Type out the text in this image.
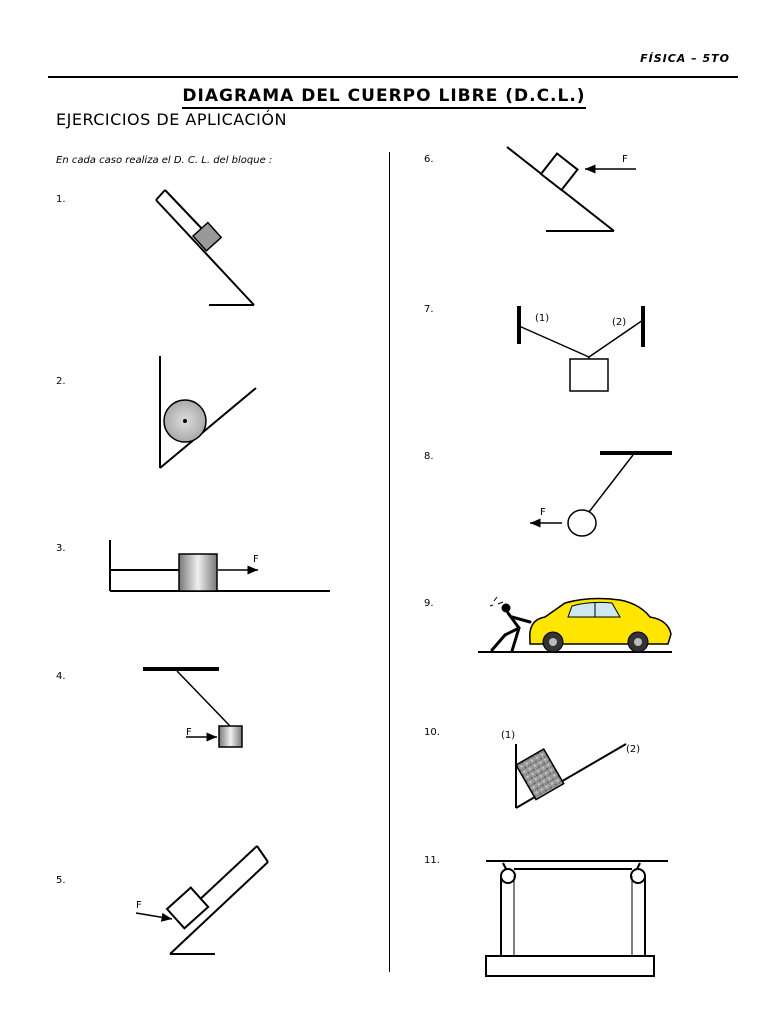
FÍSICA – 5TO
DIAGRAMA DEL CUERPO LIBRE (D.C.L.)
EJERCICIOS DE APLICACIÓN
En cada caso realiza el D. C. L. del bloque :
1.
2.
3.
4.
5.
6.
7.
8.
9.
10.
11.
F
F
F
F
(1)	(2)
F
(1)
(2)
